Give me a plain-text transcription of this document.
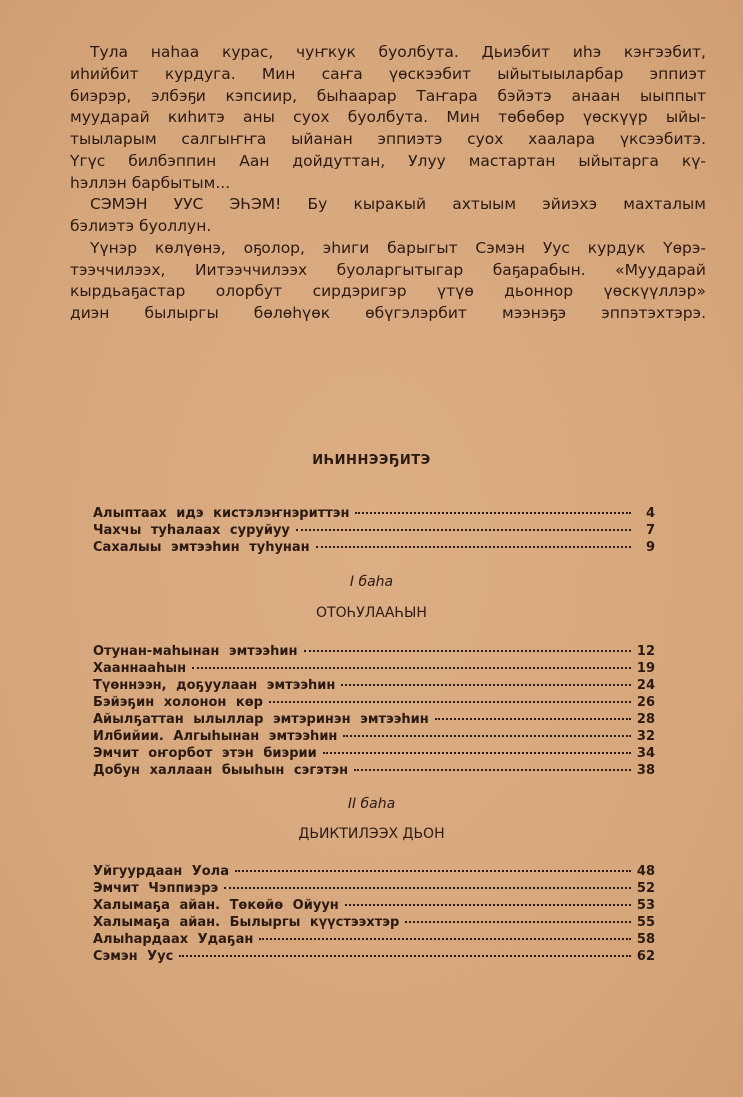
Тула наһаа курас, чуҥкук буолбута. Дьиэбит иһэ кэҥээбит,
иһийбит курдуга. Мин саҥа үөскээбит ыйытыыларбар эппиэт
биэрэр, элбэҕи кэпсиир, быһаарар Таҥара бэйэтэ анаан ыыппыт
муударай киһитэ аны суох буолбута. Мин төбөбөр үөскүүр ыйы-
тыыларым салгыҥҥа ыйанан эппиэтэ суох хаалара үксээбитэ.
Үгүс билбэппин Аан дойдуттан, Улуу мастартан ыйытарга кү-
һэллэн барбытым...
СЭМЭН УУС ЭҺЭМ! Бу кыракый ахтыым эйиэхэ махталым
бэлиэтэ буоллун.
Үүнэр көлүөнэ, оҕолор, эһиги барыгыт Сэмэн Уус курдук Үөрэ-
тээччилээх, Иитээччилээх буоларгытыгар баҕарабын. «Муударай
кырдьаҕастар олорбут сирдэригэр үтүө дьоннор үөскүүллэр»
диэн былыргы бөлөһүөк өбүгэлэрбит мээнэҕэ эппэтэхтэрэ.
ИҺИННЭЭҔИТЭ
Алыптаах идэ кистэлэҥнэриттэн	4
Чахчы туһалаах суруйуу	7
Сахалыы эмтээһин туһунан	9
I баһа
ОТОҺУЛААҺЫН
Отунан-маһынан эмтээһин	12
Хааннааһын	19
Түөннээн, доҕуулаан эмтээһин	24
Бэйэҕин холонон көр	26
Айылҕаттан ылыллар эмтэринэн эмтээһин	28
Илбийии. Алгыһынан эмтээһин	32
Эмчит оҥорбот этэн биэрии	34
Добун халлаан быыһын сэгэтэн	38
II баһа
ДЬИКТИЛЭЭХ ДЬОН
Уйгуурдаан Уола	48
Эмчит Чэппиэрэ	52
Халымаҕа айан. Төкөйө Ойуун	53
Халымаҕа айан. Былыргы күүстээхтэр	55
Алыһардаах Удаҕан	58
Сэмэн Уус	62
